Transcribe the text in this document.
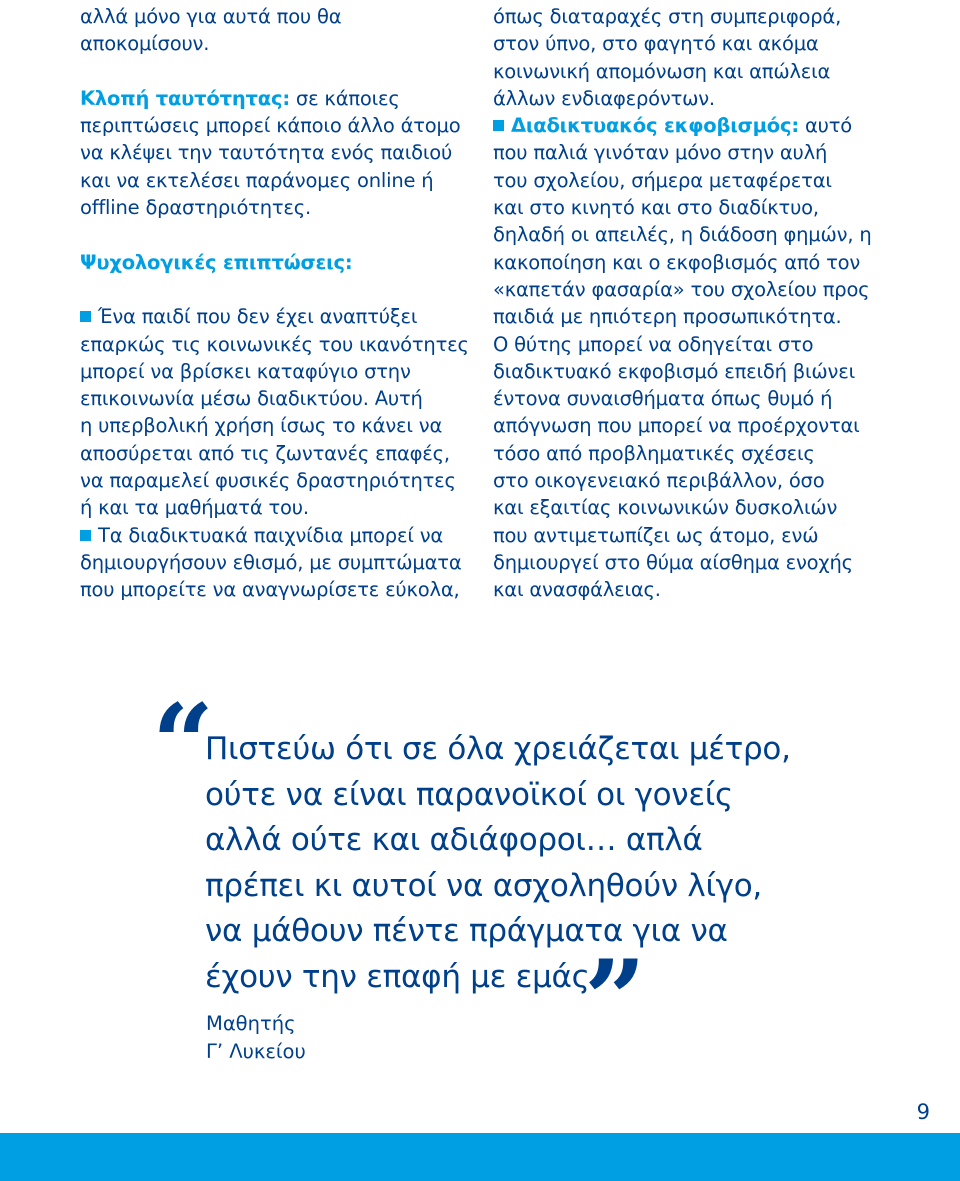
αλλά μόνο για αυτά που θα
αποκομίσουν.
Κλοπή ταυτότητας: σε κάποιες
περιπτώσεις μπορεί κάποιο άλλο άτομο
να κλέψει την ταυτότητα ενός παιδιού
και να εκτελέσει παράνομες online ή
offline δραστηριότητες.
Ψυχολογικές επιπτώσεις:
Ένα παιδί που δεν έχει αναπτύξει
επαρκώς τις κοινωνικές του ικανότητες
μπορεί να βρίσκει καταφύγιο στην
επικοινωνία μέσω διαδικτύου. Αυτή
η υπερβολική χρήση ίσως το κάνει να
αποσύρεται από τις ζωντανές επαφές,
να παραμελεί φυσικές δραστηριότητες
ή και τα μαθήματά του.
Τα διαδικτυακά παιχνίδια μπορεί να
δημιουργήσουν εθισμό, με συμπτώματα
που μπορείτε να αναγνωρίσετε εύκολα,
όπως διαταραχές στη συμπεριφορά,
στον ύπνο, στο φαγητό και ακόμα
κοινωνική απομόνωση και απώλεια
άλλων ενδιαφερόντων.
Διαδικτυακός εκφοβισμός: αυτό
που παλιά γινόταν μόνο στην αυλή
του σχολείου, σήμερα μεταφέρεται
και στο κινητό και στο διαδίκτυο,
δηλαδή οι απειλές, η διάδοση φημών, η
κακοποίηση και ο εκφοβισμός από τον
«καπετάν φασαρία» του σχολείου προς
παιδιά με ηπιότερη προσωπικότητα.
Ο θύτης μπορεί να οδηγείται στο
διαδικτυακό εκφοβισμό επειδή βιώνει
έντονα συναισθήματα όπως θυμό ή
απόγνωση που μπορεί να προέρχονται
τόσο από προβληματικές σχέσεις
στο οικογενειακό περιβάλλον, όσο
και εξαιτίας κοινωνικών δυσκολιών
που αντιμετωπίζει ως άτομο, ενώ
δημιουργεί στο θύμα αίσθημα ενοχής
και ανασφάλειας.
“
Πιστεύω ότι σε όλα χρειάζεται μέτρο,
ούτε να είναι παρανοϊκοί οι γονείς
αλλά ούτε και αδιάφοροι… απλά
πρέπει κι αυτοί να ασχοληθούν λίγο,
να μάθουν πέντε πράγματα για να
έχουν την επαφή με εμάς.
”
Μαθητής
Γ’ Λυκείου
9
